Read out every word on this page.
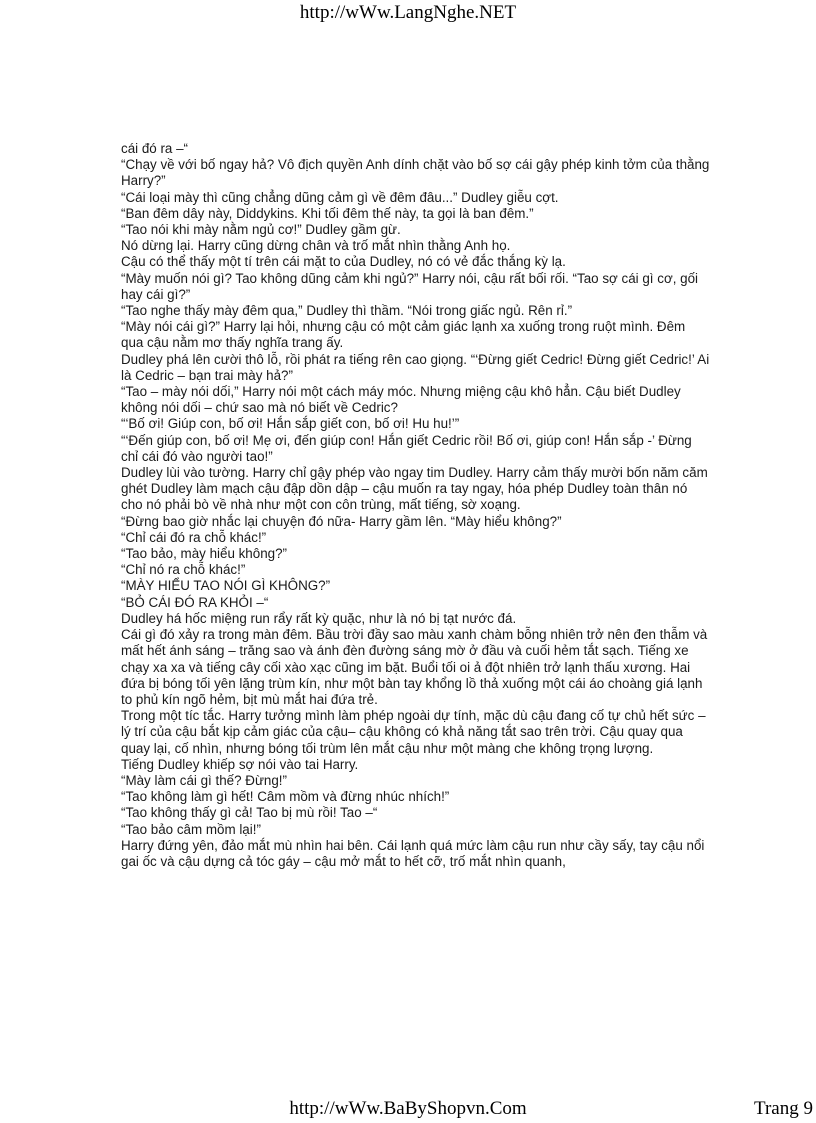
http://wWw.LangNghe.NET

cái đó ra –“

“Chạy về với bố ngay hả? Vô địch quyền Anh dính chặt vào bố sợ cái gậy phép kinh tởm của thằng Harry?”

“Cái loại mày thì cũng chẳng dũng cảm gì về đêm đâu...” Dudley giễu cợt.

“Ban đêm dây này, Diddykins. Khi tối đêm thế này, ta gọi là ban đêm.”

“Tao nói khi mày nằm ngủ cơ!” Dudley gầm gừ.

Nó dừng lại. Harry cũng dừng chân và trố mắt nhìn thằng Anh họ.

Cậu có thể thấy một tí trên cái mặt to của Dudley, nó có vẻ đắc thắng kỳ lạ.

“Mày muốn nói gì? Tao không dũng cảm khi ngủ?” Harry nói, cậu rất bối rối. “Tao sợ cái gì cơ, gối hay cái gì?”

“Tao nghe thấy mày đêm qua,” Dudley thì thầm. “Nói trong giấc ngủ. Rên rỉ.”

“Mày nói cái gì?” Harry lại hỏi, nhưng cậu có một cảm giác lạnh xa xuống trong ruột mình. Đêm qua cậu nằm mơ thấy nghĩa trang ấy.

Dudley phá lên cười thô lỗ, rồi phát ra tiếng rên cao giọng. “‘Đừng giết Cedric! Đừng giết Cedric!’ Ai là Cedric – bạn trai mày hả?”

“Tao – mày nói dối,” Harry nói một cách máy móc. Nhưng miệng cậu khô hẳn. Cậu biết Dudley không nói dối – chứ sao mà nó biết về Cedric?

“‘Bố ơi! Giúp con, bố ơi! Hắn sắp giết con, bố ơi! Hu hu!’”

“‘Đến giúp con, bố ơi! Mẹ ơi, đến giúp con! Hắn giết Cedric rồi! Bố ơi, giúp con! Hắn sắp -’ Đừng chỉ cái đó vào người tao!”

Dudley lùi vào tường. Harry chỉ gậy phép vào ngay tim Dudley. Harry cảm thấy mười bốn năm căm ghét Dudley làm mạch cậu đập dồn dập – cậu muốn ra tay ngay, hóa phép Dudley toàn thân nó cho nó phải bò về nhà như một con côn trùng, mất tiếng, sờ xoạng.

“Đừng bao giờ nhắc lại chuyện đó nữa- Harry gầm lên. “Mày hiểu không?”

“Chỉ cái đó ra chỗ khác!”

“Tao bảo, mày hiểu không?”

“Chỉ nó ra chỗ khác!”

“MÀY HIỂU TAO NÓI GÌ KHÔNG?”

“BỎ CÁI ĐÓ RA KHỎI –“

Dudley há hốc miệng run rẩy rất kỳ quặc, như là nó bị tạt nước đá.

Cái gì đó xảy ra trong màn đêm. Bầu trời đầy sao màu xanh chàm bỗng nhiên trở nên đen thẫm và mất hết ánh sáng – trăng sao và ánh đèn đường sáng mờ ở đầu và cuối hẻm tắt sạch. Tiếng xe chạy xa xa và tiếng cây cối xào xạc cũng im bặt. Buổi tối oi ả đột nhiên trở lạnh thấu xương. Hai đứa bị bóng tối yên lặng trùm kín, như một bàn tay khổng lồ thả xuống một cái áo choàng giá lạnh to phủ kín ngõ hẻm, bịt mù mắt hai đứa trẻ.

Trong một tíc tắc. Harry tưởng mình làm phép ngoài dự tính, mặc dù cậu đang cố tự chủ hết sức – lý trí của cậu bắt kịp cảm giác của cậu– cậu không có khả năng tắt sao trên trời. Cậu quay qua quay lại, cố nhìn, nhưng bóng tối trùm lên mắt cậu như một màng che không trọng lượng.

Tiếng Dudley khiếp sợ nói vào tai Harry.

“Mày làm cái gì thế? Đừng!”

“Tao không làm gì hết! Câm mồm và đừng nhúc nhích!”

“Tao không thấy gì cả! Tao bị mù rồi! Tao –“

“Tao bảo câm mồm lại!”

Harry đứng yên, đảo mắt mù nhìn hai bên. Cái lạnh quá mức làm cậu run như cầy sấy, tay cậu nổi gai ốc và cậu dựng cả tóc gáy – cậu mở mắt to hết cỡ, trố mắt nhìn quanh,

http://wWw.BaByShopvn.Com	Trang 9
